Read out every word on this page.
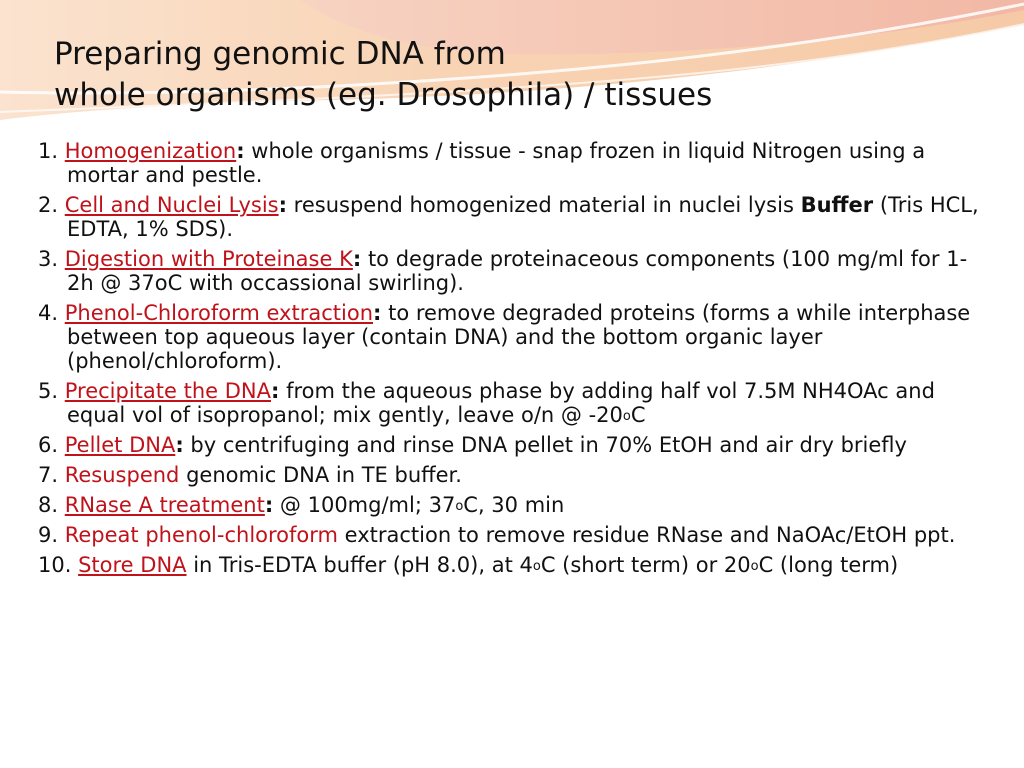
Preparing genomic DNA from
whole organisms (eg. Drosophila) / tissues
1. Homogenization: whole organisms / tissue - snap frozen in liquid Nitrogen using a mortar and pestle.
2. Cell and Nuclei Lysis: resuspend homogenized material in nuclei lysis Buffer (Tris HCL, EDTA, 1% SDS).
3. Digestion with Proteinase K: to degrade proteinaceous components (100 mg/ml for 1-2h @ 37oC with occassional swirling).
4. Phenol-Chloroform extraction: to remove degraded proteins (forms a while interphase between top aqueous layer (contain DNA) and the bottom organic layer (phenol/chloroform).
5. Precipitate the DNA: from the aqueous phase by adding half vol 7.5M NH4OAc and equal vol of isopropanol; mix gently, leave o/n @ -20$^o$C
6. Pellet DNA: by centrifuging and rinse DNA pellet in 70% EtOH and air dry briefly
7. Resuspend genomic DNA in TE buffer.
8. RNase A treatment: @ 100mg/ml; 37$^o$C, 30 min
9. Repeat phenol-chloroform extraction to remove residue RNase and NaOAc/EtOH ppt.
10. Store DNA in Tris-EDTA buffer (pH 8.0), at 4$^o$C (short term) or 20$^o$C (long term)
